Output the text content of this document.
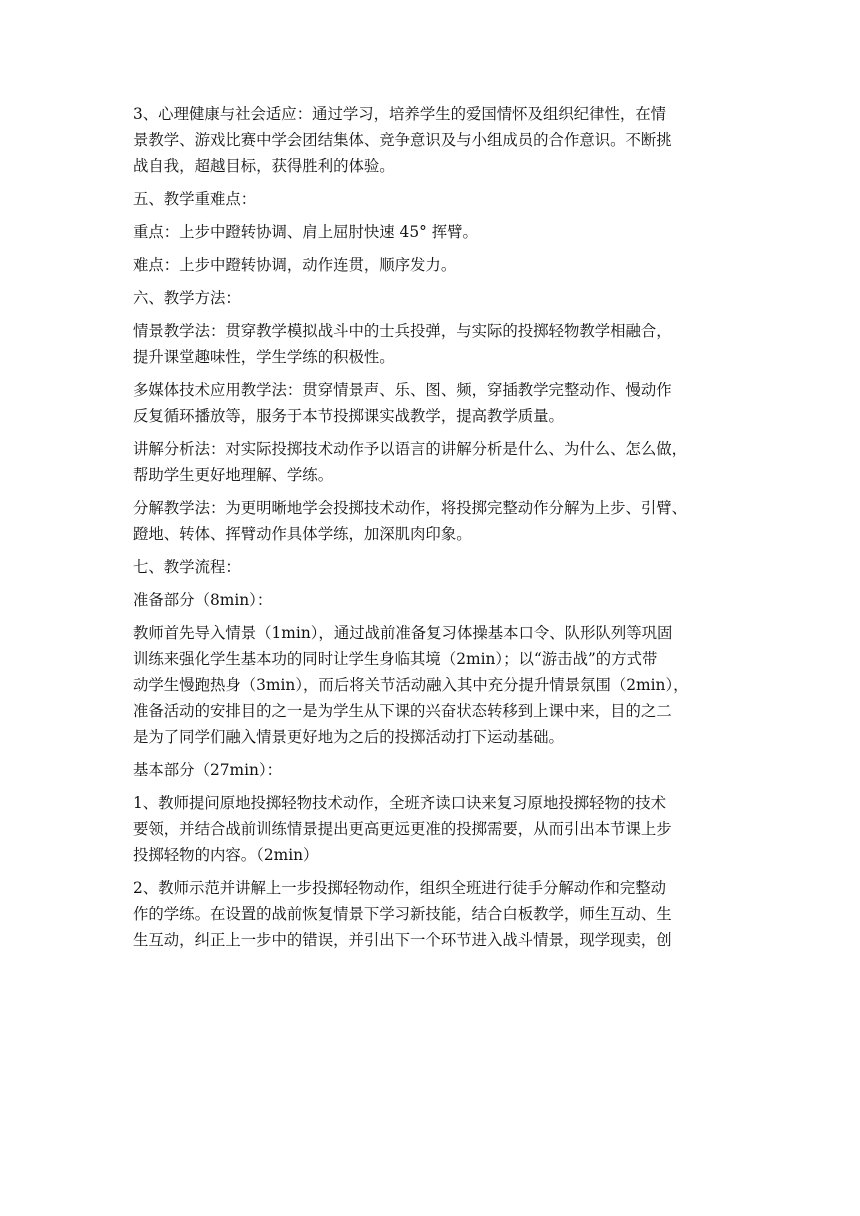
3、心理健康与社会适应：通过学习，培养学生的爱国情怀及组织纪律性，在情

景教学、游戏比赛中学会团结集体、竞争意识及与小组成员的合作意识。不断挑

战自我，超越目标，获得胜利的体验。

五、教学重难点：

重点：上步中蹬转协调、肩上屈肘快速 45° 挥臂。

难点：上步中蹬转协调，动作连贯，顺序发力。

六、教学方法：

情景教学法：贯穿教学模拟战斗中的士兵投弹，与实际的投掷轻物教学相融合，

提升课堂趣味性，学生学练的积极性。

多媒体技术应用教学法：贯穿情景声、乐、图、频，穿插教学完整动作、慢动作

反复循环播放等，服务于本节投掷课实战教学，提高教学质量。

讲解分析法：对实际投掷技术动作予以语言的讲解分析是什么、为什么、怎么做，

帮助学生更好地理解、学练。

分解教学法：为更明晰地学会投掷技术动作，将投掷完整动作分解为上步、引臂、

蹬地、转体、挥臂动作具体学练，加深肌肉印象。

七、教学流程：

准备部分（8min）：

教师首先导入情景（1min），通过战前准备复习体操基本口令、队形队列等巩固

训练来强化学生基本功的同时让学生身临其境（2min）；以“游击战”的方式带

动学生慢跑热身（3min），而后将关节活动融入其中充分提升情景氛围（2min），

准备活动的安排目的之一是为学生从下课的兴奋状态转移到上课中来，目的之二

是为了同学们融入情景更好地为之后的投掷活动打下运动基础。

基本部分（27min）：

1、教师提问原地投掷轻物技术动作，全班齐读口诀来复习原地投掷轻物的技术

要领，并结合战前训练情景提出更高更远更准的投掷需要，从而引出本节课上步

投掷轻物的内容。（2min）

2、教师示范并讲解上一步投掷轻物动作，组织全班进行徒手分解动作和完整动

作的学练。在设置的战前恢复情景下学习新技能，结合白板教学，师生互动、生

生互动，纠正上一步中的错误，并引出下一个环节进入战斗情景，现学现卖，创
